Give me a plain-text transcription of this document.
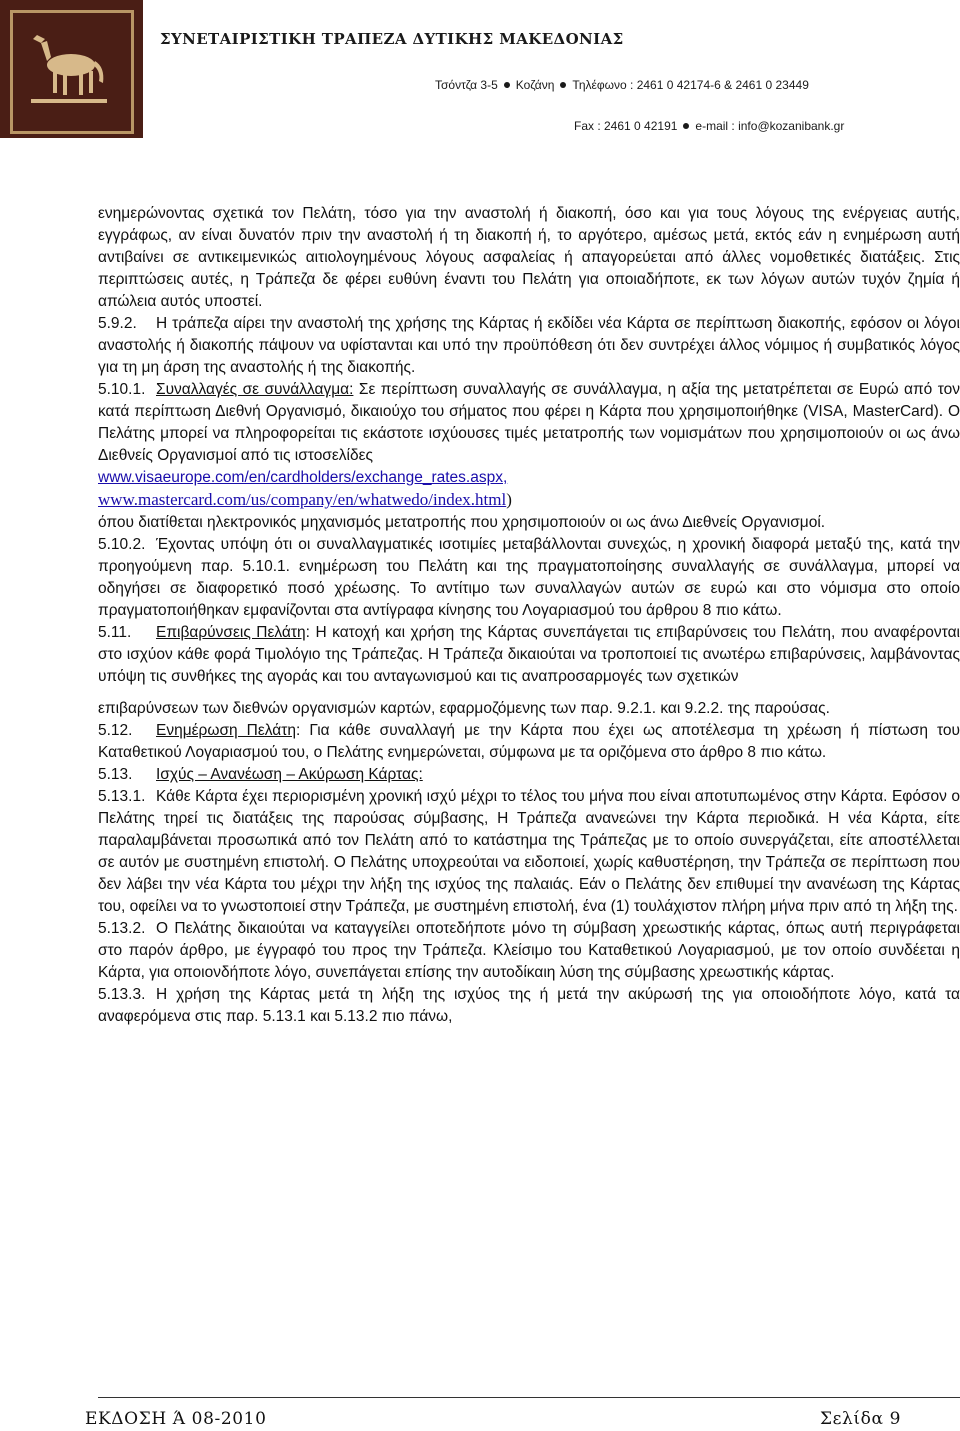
ΣΥΝΕΤΑΙΡΙΣΤΙΚΗ ΤΡΑΠΕΖΑ ΔΥΤΙΚΗΣ ΜΑΚΕΔΟΝΙΑΣ
Τσόντζα 3-5 Κοζάνη Τηλέφωνο : 2461 0 42174-6 & 2461 0 23449
Fax : 2461 0 42191 e-mail : info@kozanibank.gr

ενημερώνοντας σχετικά τον Πελάτη, τόσο για την αναστολή ή διακοπή, όσο και για τους λόγους της ενέργειας αυτής, εγγράφως, αν είναι δυνατόν πριν την αναστολή ή τη διακοπή ή, το αργότερο, αμέσως μετά, εκτός εάν η ενημέρωση αυτή αντιβαίνει σε αντικειμενικώς αιτιολογημένους λόγους ασφαλείας ή απαγορεύεται από άλλες νομοθετικές διατάξεις. Στις περιπτώσεις αυτές, η Τράπεζα δε φέρει ευθύνη έναντι του Πελάτη για οποιαδήποτε, εκ των λόγων αυτών τυχόν ζημία ή απώλεια αυτός υποστεί.

5.9.2. Η τράπεζα αίρει την αναστολή της χρήσης της Κάρτας ή εκδίδει νέα Κάρτα σε περίπτωση διακοπής, εφόσον οι λόγοι αναστολής ή διακοπής πάψουν να υφίστανται και υπό την προϋπόθεση ότι δεν συντρέχει άλλος νόμιμος ή συμβατικός λόγος για τη μη άρση της αναστολής ή της διακοπής.

5.10.1. Συναλλαγές σε συνάλλαγμα: Σε περίπτωση συναλλαγής σε συνάλλαγμα, η αξία της μετατρέπεται σε Ευρώ από τον κατά περίπτωση Διεθνή Οργανισμό, δικαιούχο του σήματος που φέρει η Κάρτα που χρησιμοποιήθηκε (VISA, MasterCard). Ο Πελάτης μπορεί να πληροφορείται τις εκάστοτε ισχύουσες τιμές μετατροπής των νομισμάτων που χρησιμοποιούν οι ως άνω Διεθνείς Οργανισμοί από τις ιστοσελίδες

www.visaeurope.com/en/cardholders/exchange_rates.aspx,

www.mastercard.com/us/company/en/whatwedo/index.html)

όπου διατίθεται ηλεκτρονικός μηχανισμός μετατροπής που χρησιμοποιούν οι ως άνω Διεθνείς Οργανισμοί.

5.10.2. Έχοντας υπόψη ότι οι συναλλαγματικές ισοτιμίες μεταβάλλονται συνεχώς, η χρονική διαφορά μεταξύ της, κατά την προηγούμενη παρ. 5.10.1. ενημέρωση του Πελάτη και της πραγματοποίησης συναλλαγής σε συνάλλαγμα, μπορεί να οδηγήσει σε διαφορετικό ποσό χρέωσης. Το αντίτιμο των συναλλαγών αυτών σε ευρώ και στο νόμισμα στο οποίο πραγματοποιήθηκαν εμφανίζονται στα αντίγραφα κίνησης του Λογαριασμού του άρθρου 8 πιο κάτω.

5.11. Επιβαρύνσεις Πελάτη: Η κατοχή και χρήση της Κάρτας συνεπάγεται τις επιβαρύνσεις του Πελάτη, που αναφέρονται στο ισχύον κάθε φορά Τιμολόγιο της Τράπεζας. Η Τράπεζα δικαιούται να τροποποιεί τις ανωτέρω επιβαρύνσεις, λαμβάνοντας υπόψη τις συνθήκες της αγοράς και του ανταγωνισμού και τις αναπροσαρμογές των σχετικών

επιβαρύνσεων των διεθνών οργανισμών καρτών, εφαρμοζόμενης των παρ. 9.2.1. και 9.2.2. της παρούσας.

5.12. Ενημέρωση Πελάτη: Για κάθε συναλλαγή με την Κάρτα που έχει ως αποτέλεσμα τη χρέωση ή πίστωση του Καταθετικού Λογαριασμού του, ο Πελάτης ενημερώνεται, σύμφωνα με τα οριζόμενα στο άρθρο 8 πιο κάτω.

5.13. Ισχύς – Ανανέωση – Ακύρωση Κάρτας:

5.13.1. Κάθε Κάρτα έχει περιορισμένη χρονική ισχύ μέχρι το τέλος του μήνα που είναι αποτυπωμένος στην Κάρτα. Εφόσον ο Πελάτης τηρεί τις διατάξεις της παρούσας σύμβασης, Η Τράπεζα ανανεώνει την Κάρτα περιοδικά. Η νέα Κάρτα, είτε παραλαμβάνεται προσωπικά από τον Πελάτη από το κατάστημα της Τράπεζας με το οποίο συνεργάζεται, είτε αποστέλλεται σε αυτόν με συστημένη επιστολή. Ο Πελάτης υποχρεούται να ειδοποιεί, χωρίς καθυστέρηση, την Τράπεζα σε περίπτωση που δεν λάβει την νέα Κάρτα του μέχρι την λήξη της ισχύος της παλαιάς. Εάν ο Πελάτης δεν επιθυμεί την ανανέωση της Κάρτας του, οφείλει να το γνωστοποιεί στην Τράπεζα, με συστημένη επιστολή, ένα (1) τουλάχιστον πλήρη μήνα πριν από τη λήξη της.

5.13.2. Ο Πελάτης δικαιούται να καταγγείλει οποτεδήποτε μόνο τη σύμβαση χρεωστικής κάρτας, όπως αυτή περιγράφεται στο παρόν άρθρο, με έγγραφό του προς την Τράπεζα. Κλείσιμο του Καταθετικού Λογαριασμού, με τον οποίο συνδέεται η Κάρτα, για οποιονδήποτε λόγο, συνεπάγεται επίσης την αυτοδίκαιη λύση της σύμβασης χρεωστικής κάρτας.

5.13.3. Η χρήση της Κάρτας μετά τη λήξη της ισχύος της ή μετά την ακύρωσή της για οποιοδήποτε λόγο, κατά τα αναφερόμενα στις παρ. 5.13.1 και 5.13.2 πιο πάνω,

ΕΚΔΟΣΗ Ά 08-2010	Σελίδα 9
